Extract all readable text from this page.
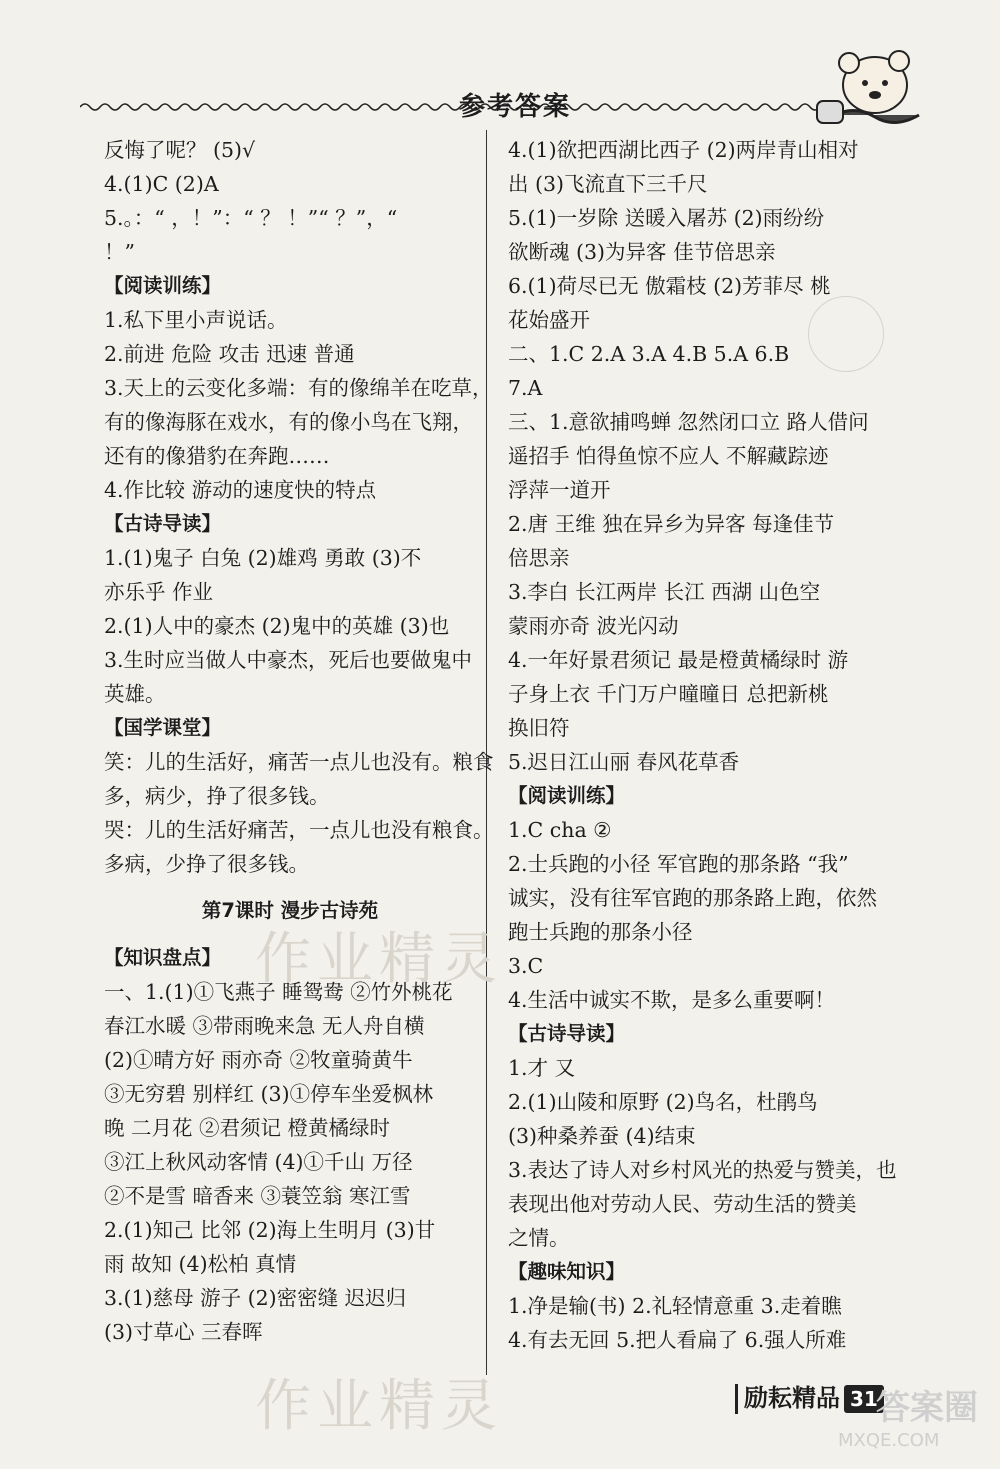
参考答案
反悔了呢？ (5)√
4.(1)C (2)A
5.。：“ ，！”：“ ？ ！”“ ？”，“
！”
【阅读训练】
1.私下里小声说话。
2.前进 危险 攻击 迅速 普通
3.天上的云变化多端：有的像绵羊在吃草，
有的像海豚在戏水，有的像小鸟在飞翔，
还有的像猎豹在奔跑……
4.作比较 游动的速度快的特点
【古诗导读】
1.(1)鬼子 白兔 (2)雄鸡 勇敢 (3)不
亦乐乎 作业
2.(1)人中的豪杰 (2)鬼中的英雄 (3)也
3.生时应当做人中豪杰，死后也要做鬼中
英雄。
【国学课堂】
笑：儿的生活好，痛苦一点儿也没有。粮食
多，病少，挣了很多钱。
哭：儿的生活好痛苦，一点儿也没有粮食。
多病，少挣了很多钱。
第7课时 漫步古诗苑
【知识盘点】
一、1.(1)①飞燕子 睡鸳鸯 ②竹外桃花
春江水暖 ③带雨晚来急 无人舟自横
(2)①晴方好 雨亦奇 ②牧童骑黄牛
③无穷碧 别样红 (3)①停车坐爱枫林
晚 二月花 ②君须记 橙黄橘绿时
③江上秋风动客情 (4)①千山 万径
②不是雪 暗香来 ③蓑笠翁 寒江雪
2.(1)知己 比邻 (2)海上生明月 (3)甘
雨 故知 (4)松柏 真情
3.(1)慈母 游子 (2)密密缝 迟迟归
(3)寸草心 三春晖
4.(1)欲把西湖比西子 (2)两岸青山相对
出 (3)飞流直下三千尺
5.(1)一岁除 送暖入屠苏 (2)雨纷纷
欲断魂 (3)为异客 佳节倍思亲
6.(1)荷尽已无 傲霜枝 (2)芳菲尽 桃
花始盛开
二、1.C 2.A 3.A 4.B 5.A 6.B
7.A
三、1.意欲捕鸣蝉 忽然闭口立 路人借问
遥招手 怕得鱼惊不应人 不解藏踪迹
浮萍一道开
2.唐 王维 独在异乡为异客 每逢佳节
倍思亲
3.李白 长江两岸 长江 西湖 山色空
蒙雨亦奇 波光闪动
4.一年好景君须记 最是橙黄橘绿时 游
子身上衣 千门万户曈曈日 总把新桃
换旧符
5.迟日江山丽 春风花草香
【阅读训练】
1.C cha ②
2.士兵跑的小径 军官跑的那条路 “我”
诚实，没有往军官跑的那条路上跑，依然
跑士兵跑的那条小径
3.C
4.生活中诚实不欺，是多么重要啊！
【古诗导读】
1.才 又
2.(1)山陵和原野 (2)鸟名，杜鹃鸟
(3)种桑养蚕 (4)结束
3.表达了诗人对乡村风光的热爱与赞美，也
表现出他对劳动人民、劳动生活的赞美
之情。
【趣味知识】
1.净是输(书) 2.礼轻情意重 3.走着瞧
4.有去无回 5.把人看扁了 6.强人所难
作业精灵
作业精灵	励耘精品 31
答案圈
MXQE.COM
